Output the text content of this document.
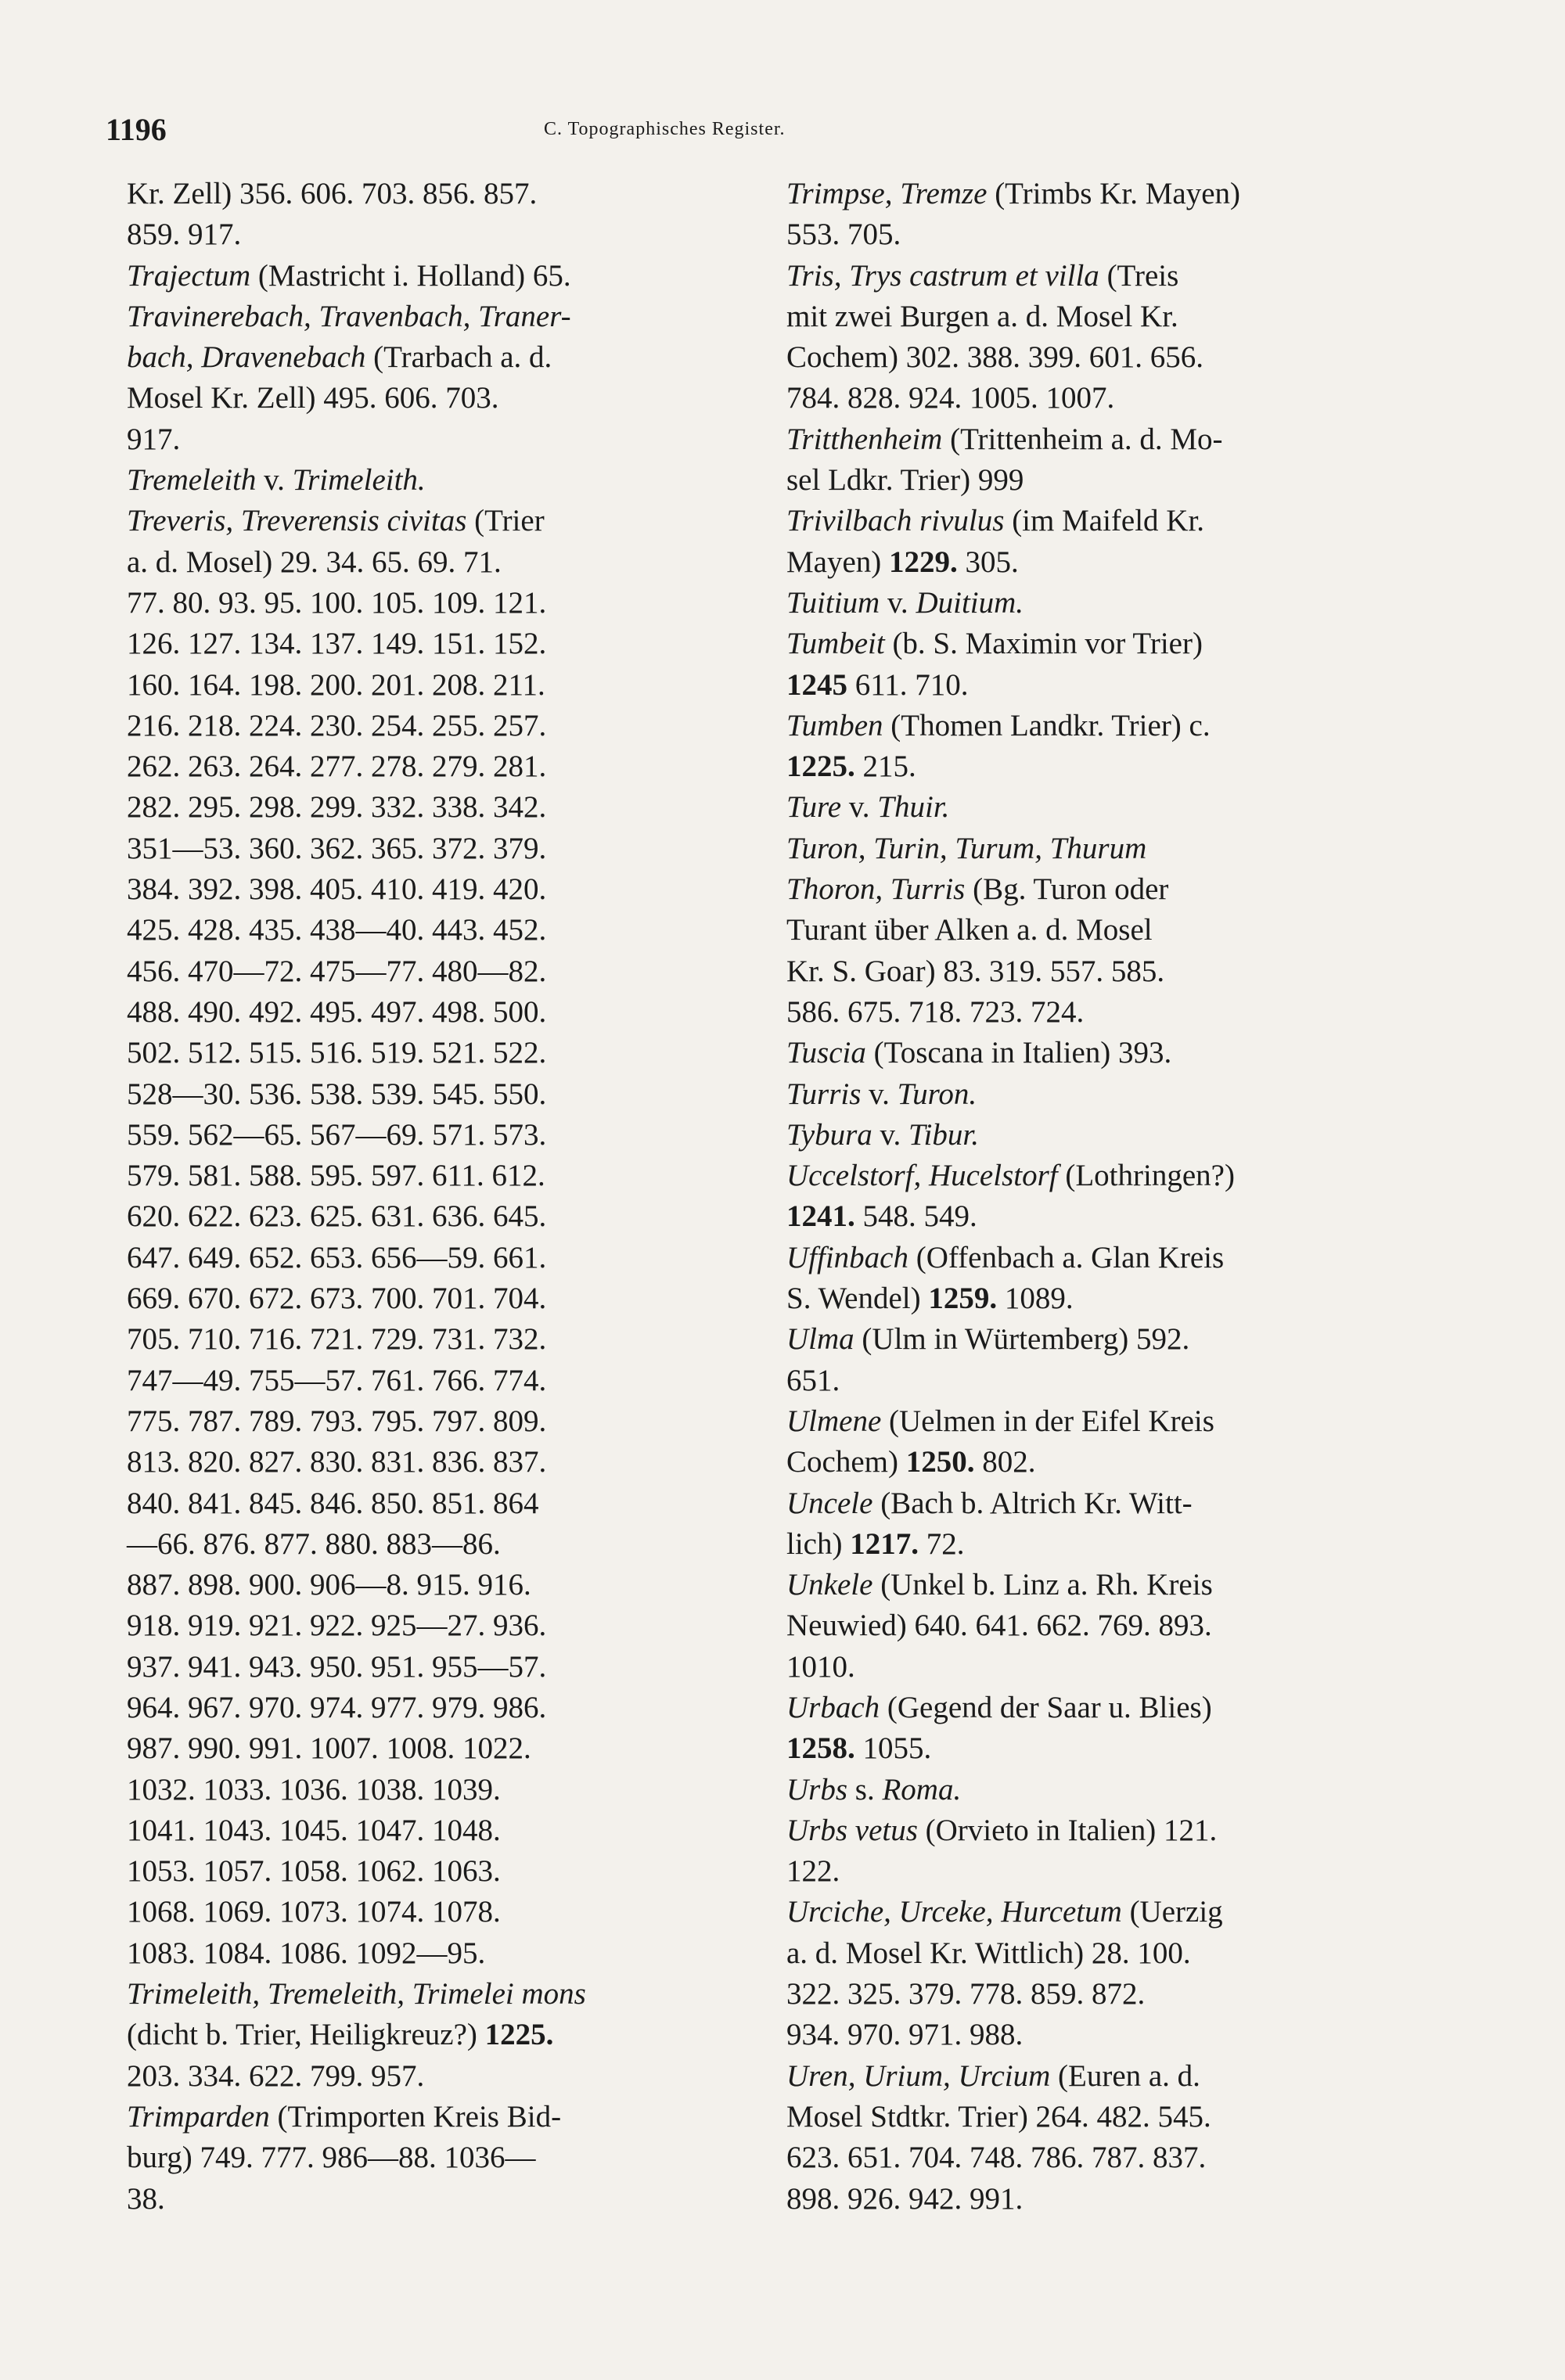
1196	C. Topographisches Register.
Kr. Zell) 356. 606. 703. 856. 857.
859. 917.
Trajectum (Mastricht i. Holland) 65.
Travinerebach, Travenbach, Traner-
bach, Dravenebach (Trarbach a. d.
Mosel Kr. Zell) 495. 606. 703.
917.
Tremeleith v. Trimeleith.
Treveris, Treverensis civitas (Trier
a. d. Mosel) 29. 34. 65. 69. 71.
77. 80. 93. 95. 100. 105. 109. 121.
126. 127. 134. 137. 149. 151. 152.
160. 164. 198. 200. 201. 208. 211.
216. 218. 224. 230. 254. 255. 257.
262. 263. 264. 277. 278. 279. 281.
282. 295. 298. 299. 332. 338. 342.
351—53. 360. 362. 365. 372. 379.
384. 392. 398. 405. 410. 419. 420.
425. 428. 435. 438—40. 443. 452.
456. 470—72. 475—77. 480—82.
488. 490. 492. 495. 497. 498. 500.
502. 512. 515. 516. 519. 521. 522.
528—30. 536. 538. 539. 545. 550.
559. 562—65. 567—69. 571. 573.
579. 581. 588. 595. 597. 611. 612.
620. 622. 623. 625. 631. 636. 645.
647. 649. 652. 653. 656—59. 661.
669. 670. 672. 673. 700. 701. 704.
705. 710. 716. 721. 729. 731. 732.
747—49. 755—57. 761. 766. 774.
775. 787. 789. 793. 795. 797. 809.
813. 820. 827. 830. 831. 836. 837.
840. 841. 845. 846. 850. 851. 864
—66. 876. 877. 880. 883—86.
887. 898. 900. 906—8. 915. 916.
918. 919. 921. 922. 925—27. 936.
937. 941. 943. 950. 951. 955—57.
964. 967. 970. 974. 977. 979. 986.
987. 990. 991. 1007. 1008. 1022.
1032. 1033. 1036. 1038. 1039.
1041. 1043. 1045. 1047. 1048.
1053. 1057. 1058. 1062. 1063.
1068. 1069. 1073. 1074. 1078.
1083. 1084. 1086. 1092—95.
Trimeleith, Tremeleith, Trimelei mons
(dicht b. Trier, Heiligkreuz?) 1225.
203. 334. 622. 799. 957.
Trimparden (Trimporten Kreis Bid-
burg) 749. 777. 986—88. 1036—
38.
Trimpse, Tremze (Trimbs Kr. Mayen)
553. 705.
Tris, Trys castrum et villa (Treis
mit zwei Burgen a. d. Mosel Kr.
Cochem) 302. 388. 399. 601. 656.
784. 828. 924. 1005. 1007.
Tritthenheim (Trittenheim a. d. Mo-
sel Ldkr. Trier) 999
Trivilbach rivulus (im Maifeld Kr.
Mayen) 1229. 305.
Tuitium v. Duitium.
Tumbeit (b. S. Maximin vor Trier)
1245 611. 710.
Tumben (Thomen Landkr. Trier) c.
1225. 215.
Ture v. Thuir.
Turon, Turin, Turum, Thurum
Thoron, Turris (Bg. Turon oder
Turant über Alken a. d. Mosel
Kr. S. Goar) 83. 319. 557. 585.
586. 675. 718. 723. 724.
Tuscia (Toscana in Italien) 393.
Turris v. Turon.
Tybura v. Tibur.
Uccelstorf, Hucelstorf (Lothringen?)
1241. 548. 549.
Uffinbach (Offenbach a. Glan Kreis
S. Wendel) 1259. 1089.
Ulma (Ulm in Würtemberg) 592.
651.
Ulmene (Uelmen in der Eifel Kreis
Cochem) 1250. 802.
Uncele (Bach b. Altrich Kr. Witt-
lich) 1217. 72.
Unkele (Unkel b. Linz a. Rh. Kreis
Neuwied) 640. 641. 662. 769. 893.
1010.
Urbach (Gegend der Saar u. Blies)
1258. 1055.
Urbs s. Roma.
Urbs vetus (Orvieto in Italien) 121.
122.
Urciche, Urceke, Hurcetum (Uerzig
a. d. Mosel Kr. Wittlich) 28. 100.
322. 325. 379. 778. 859. 872.
934. 970. 971. 988.
Uren, Urium, Urcium (Euren a. d.
Mosel Stdtkr. Trier) 264. 482. 545.
623. 651. 704. 748. 786. 787. 837.
898. 926. 942. 991.
